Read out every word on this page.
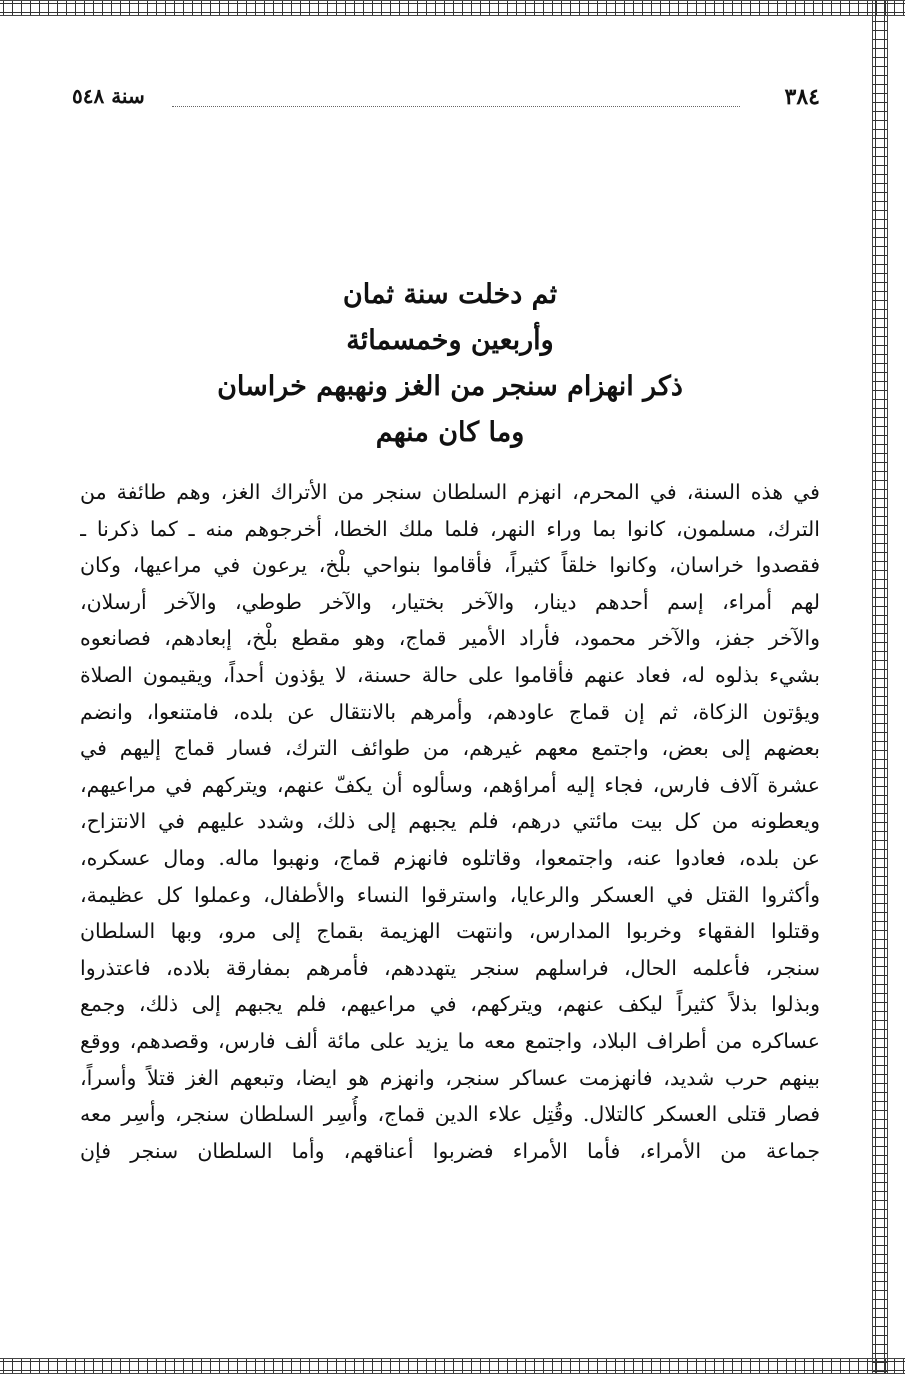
٣٨٤
سنة ٥٤٨
ثم دخلت سنة ثمان
وأربعين وخمسمائة
ذكر انهزام سنجر من الغز ونهبهم خراسان
وما كان منهم
في هذه السنة، في المحرم، انهزم السلطان سنجر من الأتراك الغز، وهم طائفة من
الترك، مسلمون، كانوا بما وراء النهر، فلما ملك الخطا، أخرجوهم منه ـ كما ذكرنا ـ
فقصدوا خراسان، وكانوا خلقاً كثيراً، فأقاموا بنواحي بلْخ، يرعون في مراعيها، وكان
لهم أمراء، إسم أحدهم دينار، والآخر بختيار، والآخر طوطي، والآخر أرسلان،
والآخر جفز، والآخر محمود، فأراد الأمير قماج، وهو مقطع بلْخ، إبعادهم، فصانعوه
بشيء بذلوه له، فعاد عنهم فأقاموا على حالة حسنة، لا يؤذون أحداً، ويقيمون الصلاة
ويؤتون الزكاة، ثم إن قماج عاودهم، وأمرهم بالانتقال عن بلده، فامتنعوا، وانضم
بعضهم إلى بعض، واجتمع معهم غيرهم، من طوائف الترك، فسار قماج إليهم في
عشرة آلاف فارس، فجاء إليه أمراؤهم، وسألوه أن يكفّ عنهم، ويتركهم في مراعيهم،
ويعطونه من كل بيت مائتي درهم، فلم يجبهم إلى ذلك، وشدد عليهم في الانتزاح،
عن بلده، فعادوا عنه، واجتمعوا، وقاتلوه فانهزم قماج، ونهبوا ماله. ومال عسكره،
وأكثروا القتل في العسكر والرعايا، واسترقوا النساء والأطفال، وعملوا كل عظيمة،
وقتلوا الفقهاء وخربوا المدارس، وانتهت الهزيمة بقماج إلى مرو، وبها السلطان
سنجر، فأعلمه الحال، فراسلهم سنجر يتهددهم، فأمرهم بمفارقة بلاده، فاعتذروا
وبذلوا بذلاً كثيراً ليكف عنهم، ويتركهم، في مراعيهم، فلم يجبهم إلى ذلك، وجمع
عساكره من أطراف البلاد، واجتمع معه ما يزيد على مائة ألف فارس، وقصدهم، ووقع
بينهم حرب شديد، فانهزمت عساكر سنجر، وانهزم هو ايضا، وتبعهم الغز قتلاً وأسراً،
فصار قتلى العسكر كالتلال. وقُتِل علاء الدين قماج، وأُسِر السلطان سنجر، وأسِر معه
جماعة من الأمراء، فأما الأمراء فضربوا أعناقهم، وأما السلطان سنجر فإن
